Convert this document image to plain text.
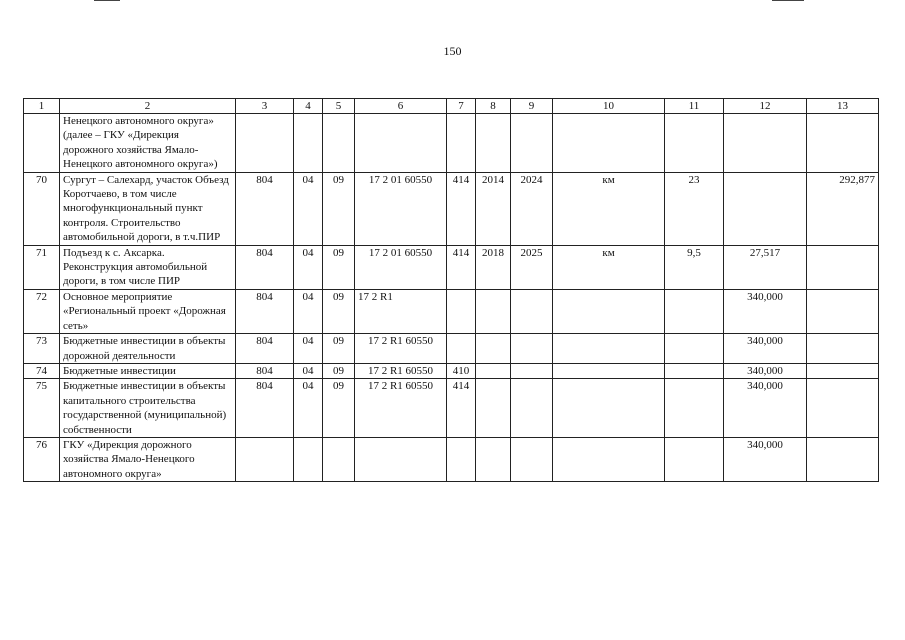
150
1	2	3	4	5	6	7	8	9	10	11	12	13
	Ненецкого автономного округа» (далее – ГКУ «Дирекция дорожного хозяйства Ямало-Ненецкого автономного округа»)											
70	Сургут – Салехард, участок Объезд Коротчаево, в том числе многофункциональный пункт контроля. Строительство автомобильной дороги, в т.ч.ПИР	804	04	09	17 2 01 60550	414	2014	2024	км	23		292,877
71	Подъезд к с. Аксарка. Реконструкция автомобильной дороги, в том числе ПИР	804	04	09	17 2 01 60550	414	2018	2025	км	9,5	27,517	
72	Основное мероприятие «Региональный проект «Дорожная сеть»	804	04	09	17 2 R1						340,000	
73	Бюджетные инвестиции в объекты дорожной деятельности	804	04	09	17 2 R1 60550						340,000	
74	Бюджетные инвестиции	804	04	09	17 2 R1 60550	410					340,000	
75	Бюджетные инвестиции в объекты капитального строительства государственной (муниципальной) собственности	804	04	09	17 2 R1 60550	414					340,000	
76	ГКУ «Дирекция дорожного хозяйства Ямало-Ненецкого автономного округа»										340,000	
